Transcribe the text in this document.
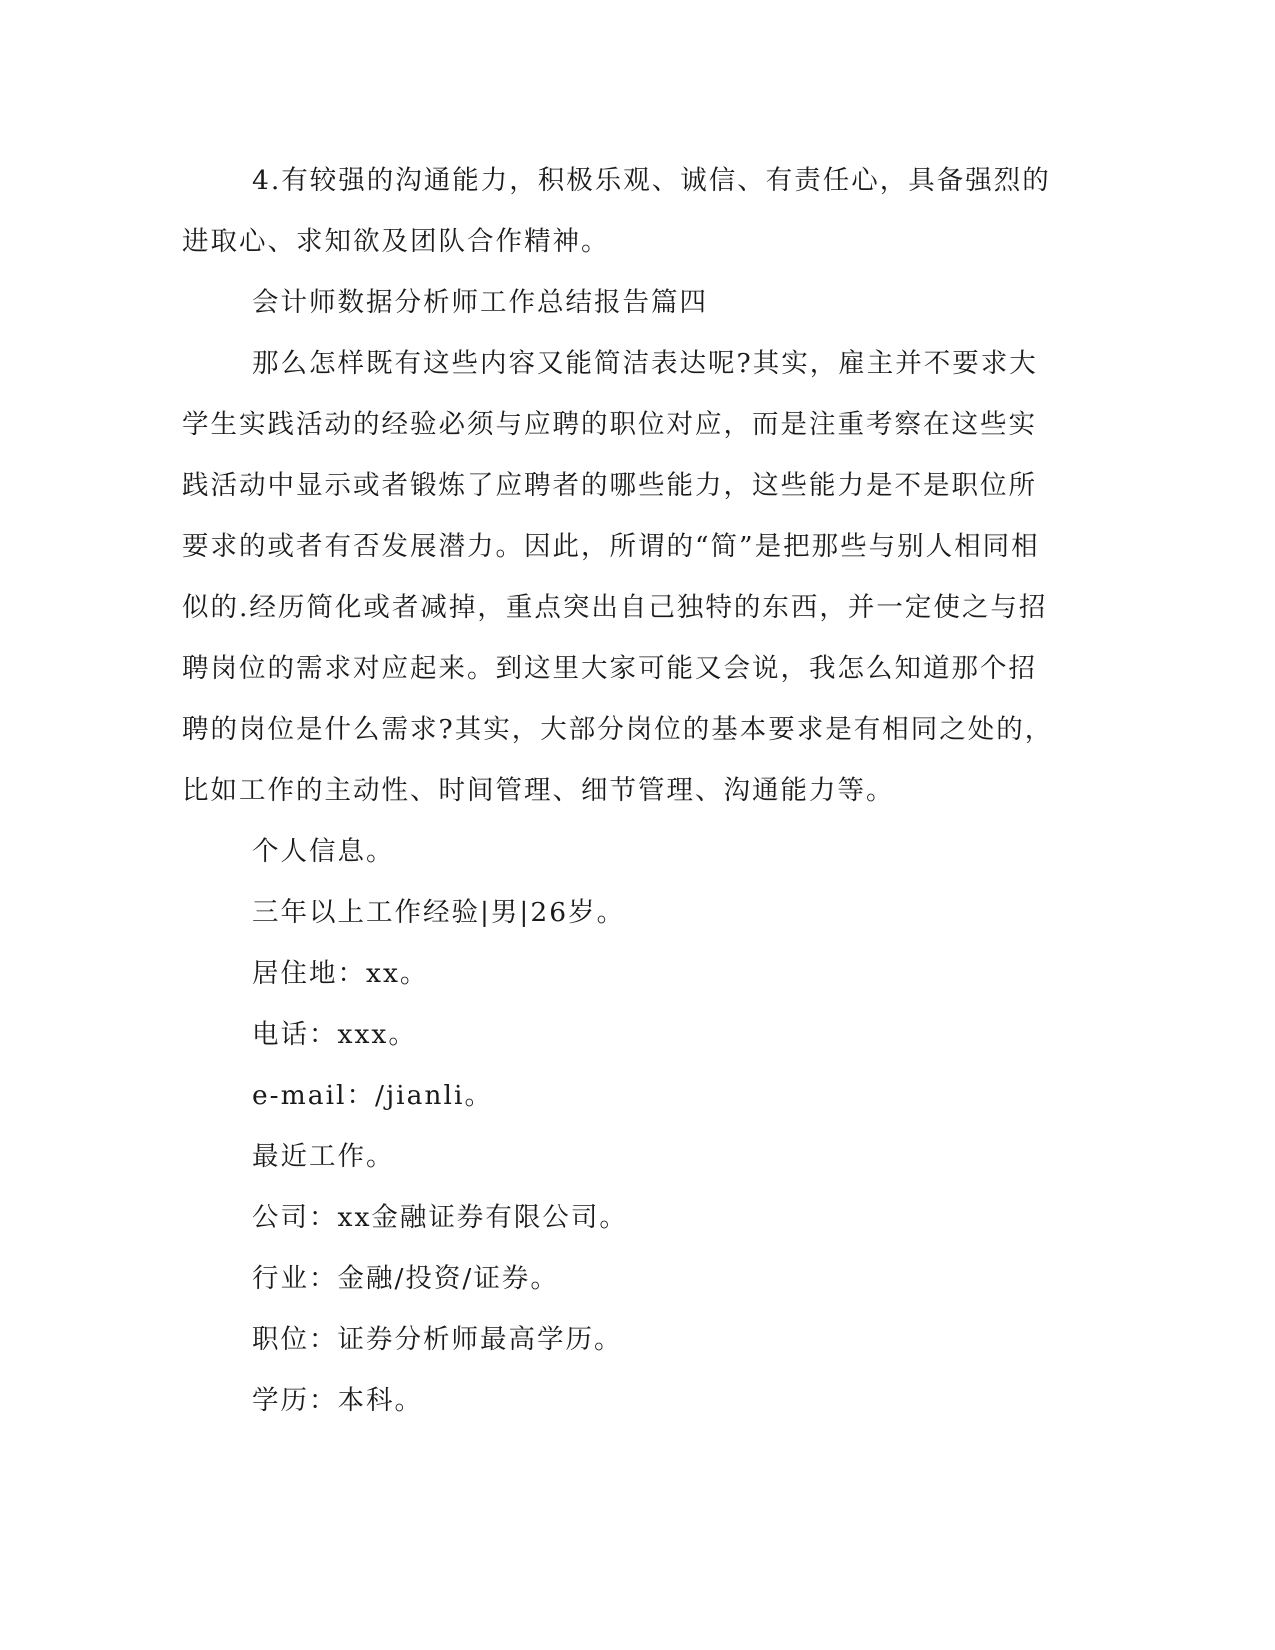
4.有较强的沟通能力，积极乐观、诚信、有责任心，具备强烈的
进取心、求知欲及团队合作精神。

会计师数据分析师工作总结报告篇四

那么怎样既有这些内容又能简洁表达呢?其实，雇主并不要求大
学生实践活动的经验必须与应聘的职位对应，而是注重考察在这些实
践活动中显示或者锻炼了应聘者的哪些能力，这些能力是不是职位所
要求的或者有否发展潜力。因此，所谓的“简”是把那些与别人相同相
似的.经历简化或者减掉，重点突出自己独特的东西，并一定使之与招
聘岗位的需求对应起来。到这里大家可能又会说，我怎么知道那个招
聘的岗位是什么需求?其实，大部分岗位的基本要求是有相同之处的，
比如工作的主动性、时间管理、细节管理、沟通能力等。

个人信息。
三年以上工作经验|男|26岁。
居住地：xx。
电话：xxx。
e-mail：/jianli。
最近工作。
公司：xx金融证券有限公司。
行业：金融/投资/证券。
职位：证券分析师最高学历。
学历：本科。
